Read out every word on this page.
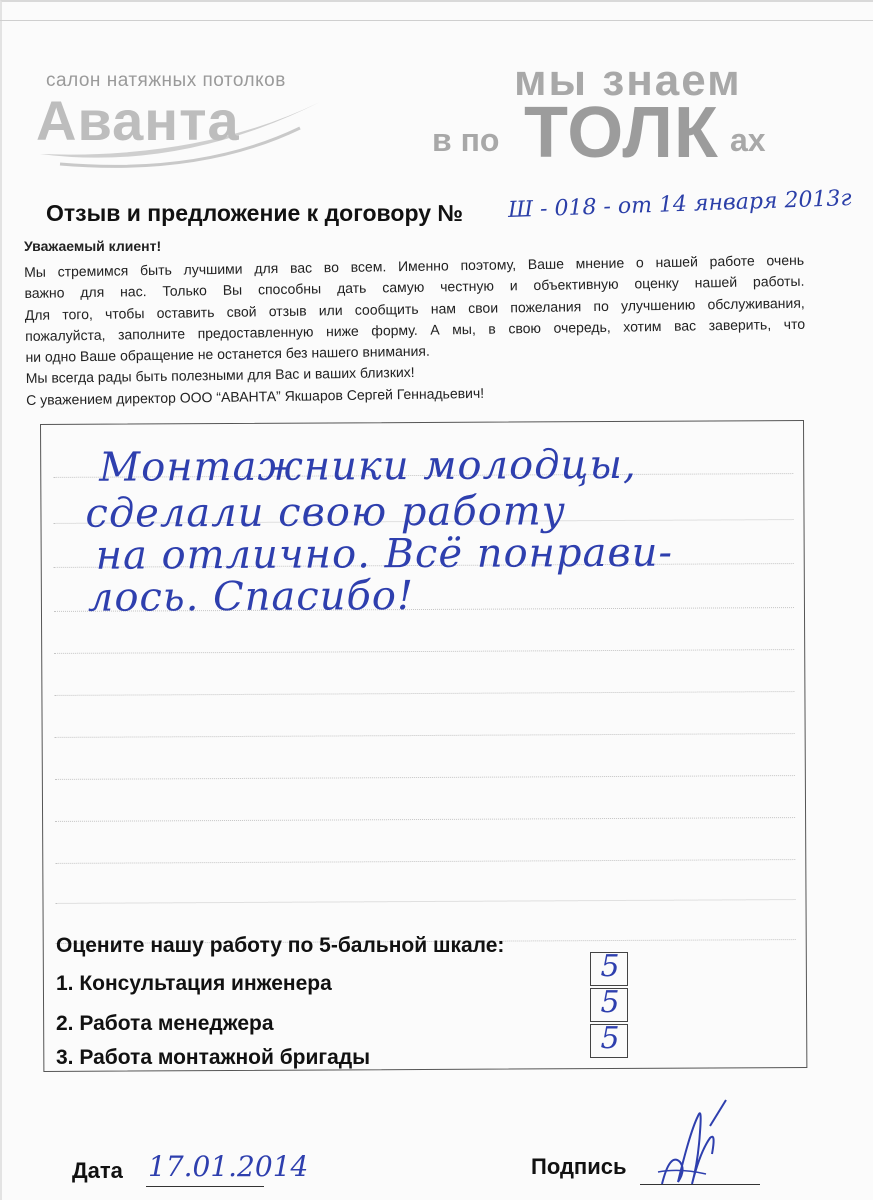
салон натяжных потолков
Аванта
мы знаем
в по ТОЛК ах
Отзыв и предложение к договору № Ш - 018 - от 14 января 2013г
Уважаемый клиент!

Мы стремимся быть лучшими для вас во всем. Именно поэтому, Ваше мнение о нашей работе очень

важно для нас. Только Вы способны дать самую честную и объективную оценку нашей работы.

Для того, чтобы оставить свой отзыв или сообщить нам свои пожелания по улучшению обслуживания,

пожалуйста, заполните предоставленную ниже форму. А мы, в свою очередь, хотим вас заверить, что

ни одно Ваше обращение не останется без нашего внимания.

Мы всегда рады быть полезными для Вас и ваших близких!

С уважением директор ООО “АВАНТА” Якшаров Сергей Геннадьевич!

Монтажники молодцы,
сделали свою работу
на отлично. Всё понрави-
лось. Спасибо!
Оцените нашу работу по 5-бальной шкале:
1. Консультация инженера
2. Работа менеджера
3. Работа монтажной бригады
5
5
5
Дата 17.01.2014	Подпись
